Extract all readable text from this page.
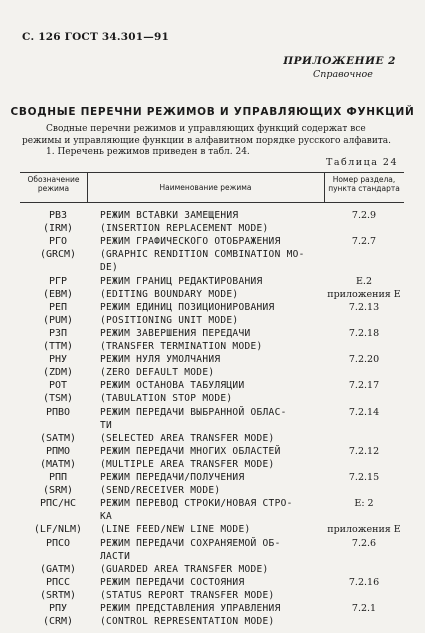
С. 126 ГОСТ 34.301—91
ПРИЛОЖЕНИЕ 2
Справочное
СВОДНЫЕ ПЕРЕЧНИ РЕЖИМОВ И УПРАВЛЯЮЩИХ ФУНКЦИЙ

Сводные перечни режимов и управляющих функций содержат все режимы и управляющие функции в алфавитном порядке русского алфавита.

1. Перечень режимов приведен в табл. 24.

Таблица 24
Обозначение режима	Наименование режима
Номер раздела, пункта стандарта
РВЗ	РЕЖИМ ВСТАВКИ ЗАМЕЩЕНИЯ	7.2.9
(IRM)	(INSERTION REPLACEMENT MODE)
РГО	РЕЖИМ ГРАФИЧЕСКОГО ОТОБРАЖЕНИЯ	7.2.7
(GRCM)	(GRAPHIC RENDITION COMBINATION MO-
DE)
РГР	РЕЖИМ ГРАНИЦ РЕДАКТИРОВАНИЯ	Е.2
(EBM)	(EDITING BOUNDARY MODE)	приложения Е
РЕП	РЕЖИМ ЕДИНИЦ ПОЗИЦИОНИРОВАНИЯ	7.2.13
(PUM)	(POSITIONING UNIT MODE)
РЗП	РЕЖИМ ЗАВЕРШЕНИЯ ПЕРЕДАЧИ	7.2.18
(TTM)	(TRANSFER TERMINATION MODE)
РНУ	РЕЖИМ НУЛЯ УМОЛЧАНИЯ	7.2.20
(ZDM)	(ZERO DEFAULT MODE)
РОТ	РЕЖИМ ОСТАНОВА ТАБУЛЯЦИИ	7.2.17
(TSM)	(TABULATION STOP MODE)
РПВО	РЕЖИМ ПЕРЕДАЧИ ВЫБРАННОЙ ОБЛАС-	7.2.14
ТИ
(SATM)	(SELECTED AREA TRANSFER MODE)
РПМО	РЕЖИМ ПЕРЕДАЧИ МНОГИХ ОБЛАСТЕЙ	7.2.12
(MATM)	(MULTIPLE AREA TRANSFER MODE)
РПП	РЕЖИМ ПЕРЕДАЧИ/ПОЛУЧЕНИЯ	7.2.15
(SRM)	(SEND/RECEIVER MODE)
РПС/НС	РЕЖИМ ПЕРЕВОД СТРОКИ/НОВАЯ СТРО-	Е: 2
КА
(LF/NLM)	(LINE FEED/NEW LINE MODE)	приложения Е
РПСО	РЕЖИМ ПЕРЕДАЧИ СОХРАНЯЕМОЙ ОБ-	7.2.6
ЛАСТИ
(GATM)	(GUARDED AREA TRANSFER MODE)
РПСС	РЕЖИМ ПЕРЕДАЧИ СОСТОЯНИЯ	7.2.16
(SRTM)	(STATUS REPORT TRANSFER MODE)
РПУ	РЕЖИМ ПРЕДСТАВЛЕНИЯ УПРАВЛЕНИЯ	7.2.1
(CRM)	(CONTROL REPRESENTATION MODE)
